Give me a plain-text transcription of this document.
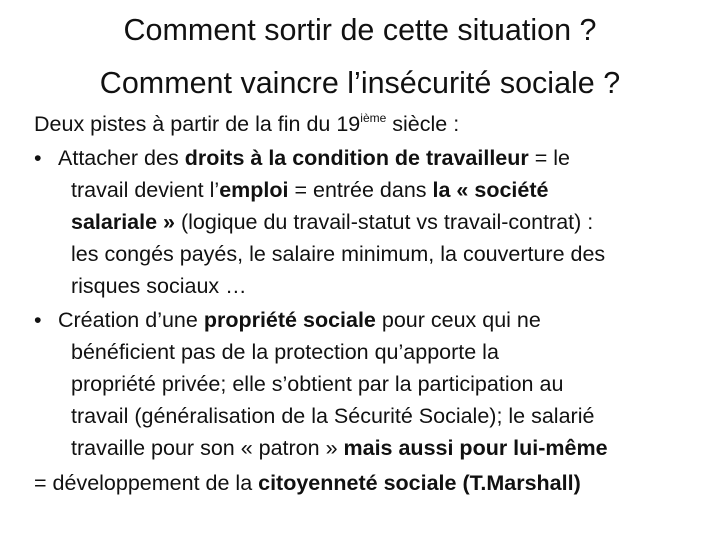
Comment sortir de cette situation ?
Comment vaincre l’insécurité sociale ?

Deux pistes à partir de la fin du 19ième siècle :

• Attacher des droits à la condition de travailleur = le
travail devient l’emploi = entrée dans la « société
salariale » (logique du travail-statut vs travail-contrat) :
les congés payés, le salaire minimum, la couverture des
risques sociaux …
• Création d’une propriété sociale pour ceux qui ne
bénéficient pas de la protection qu’apporte la
propriété privée; elle s’obtient par la participation au
travail (généralisation de la Sécurité Sociale); le salarié
travaille pour son « patron » mais aussi pour lui-même

= développement de la citoyenneté sociale (T.Marshall)
